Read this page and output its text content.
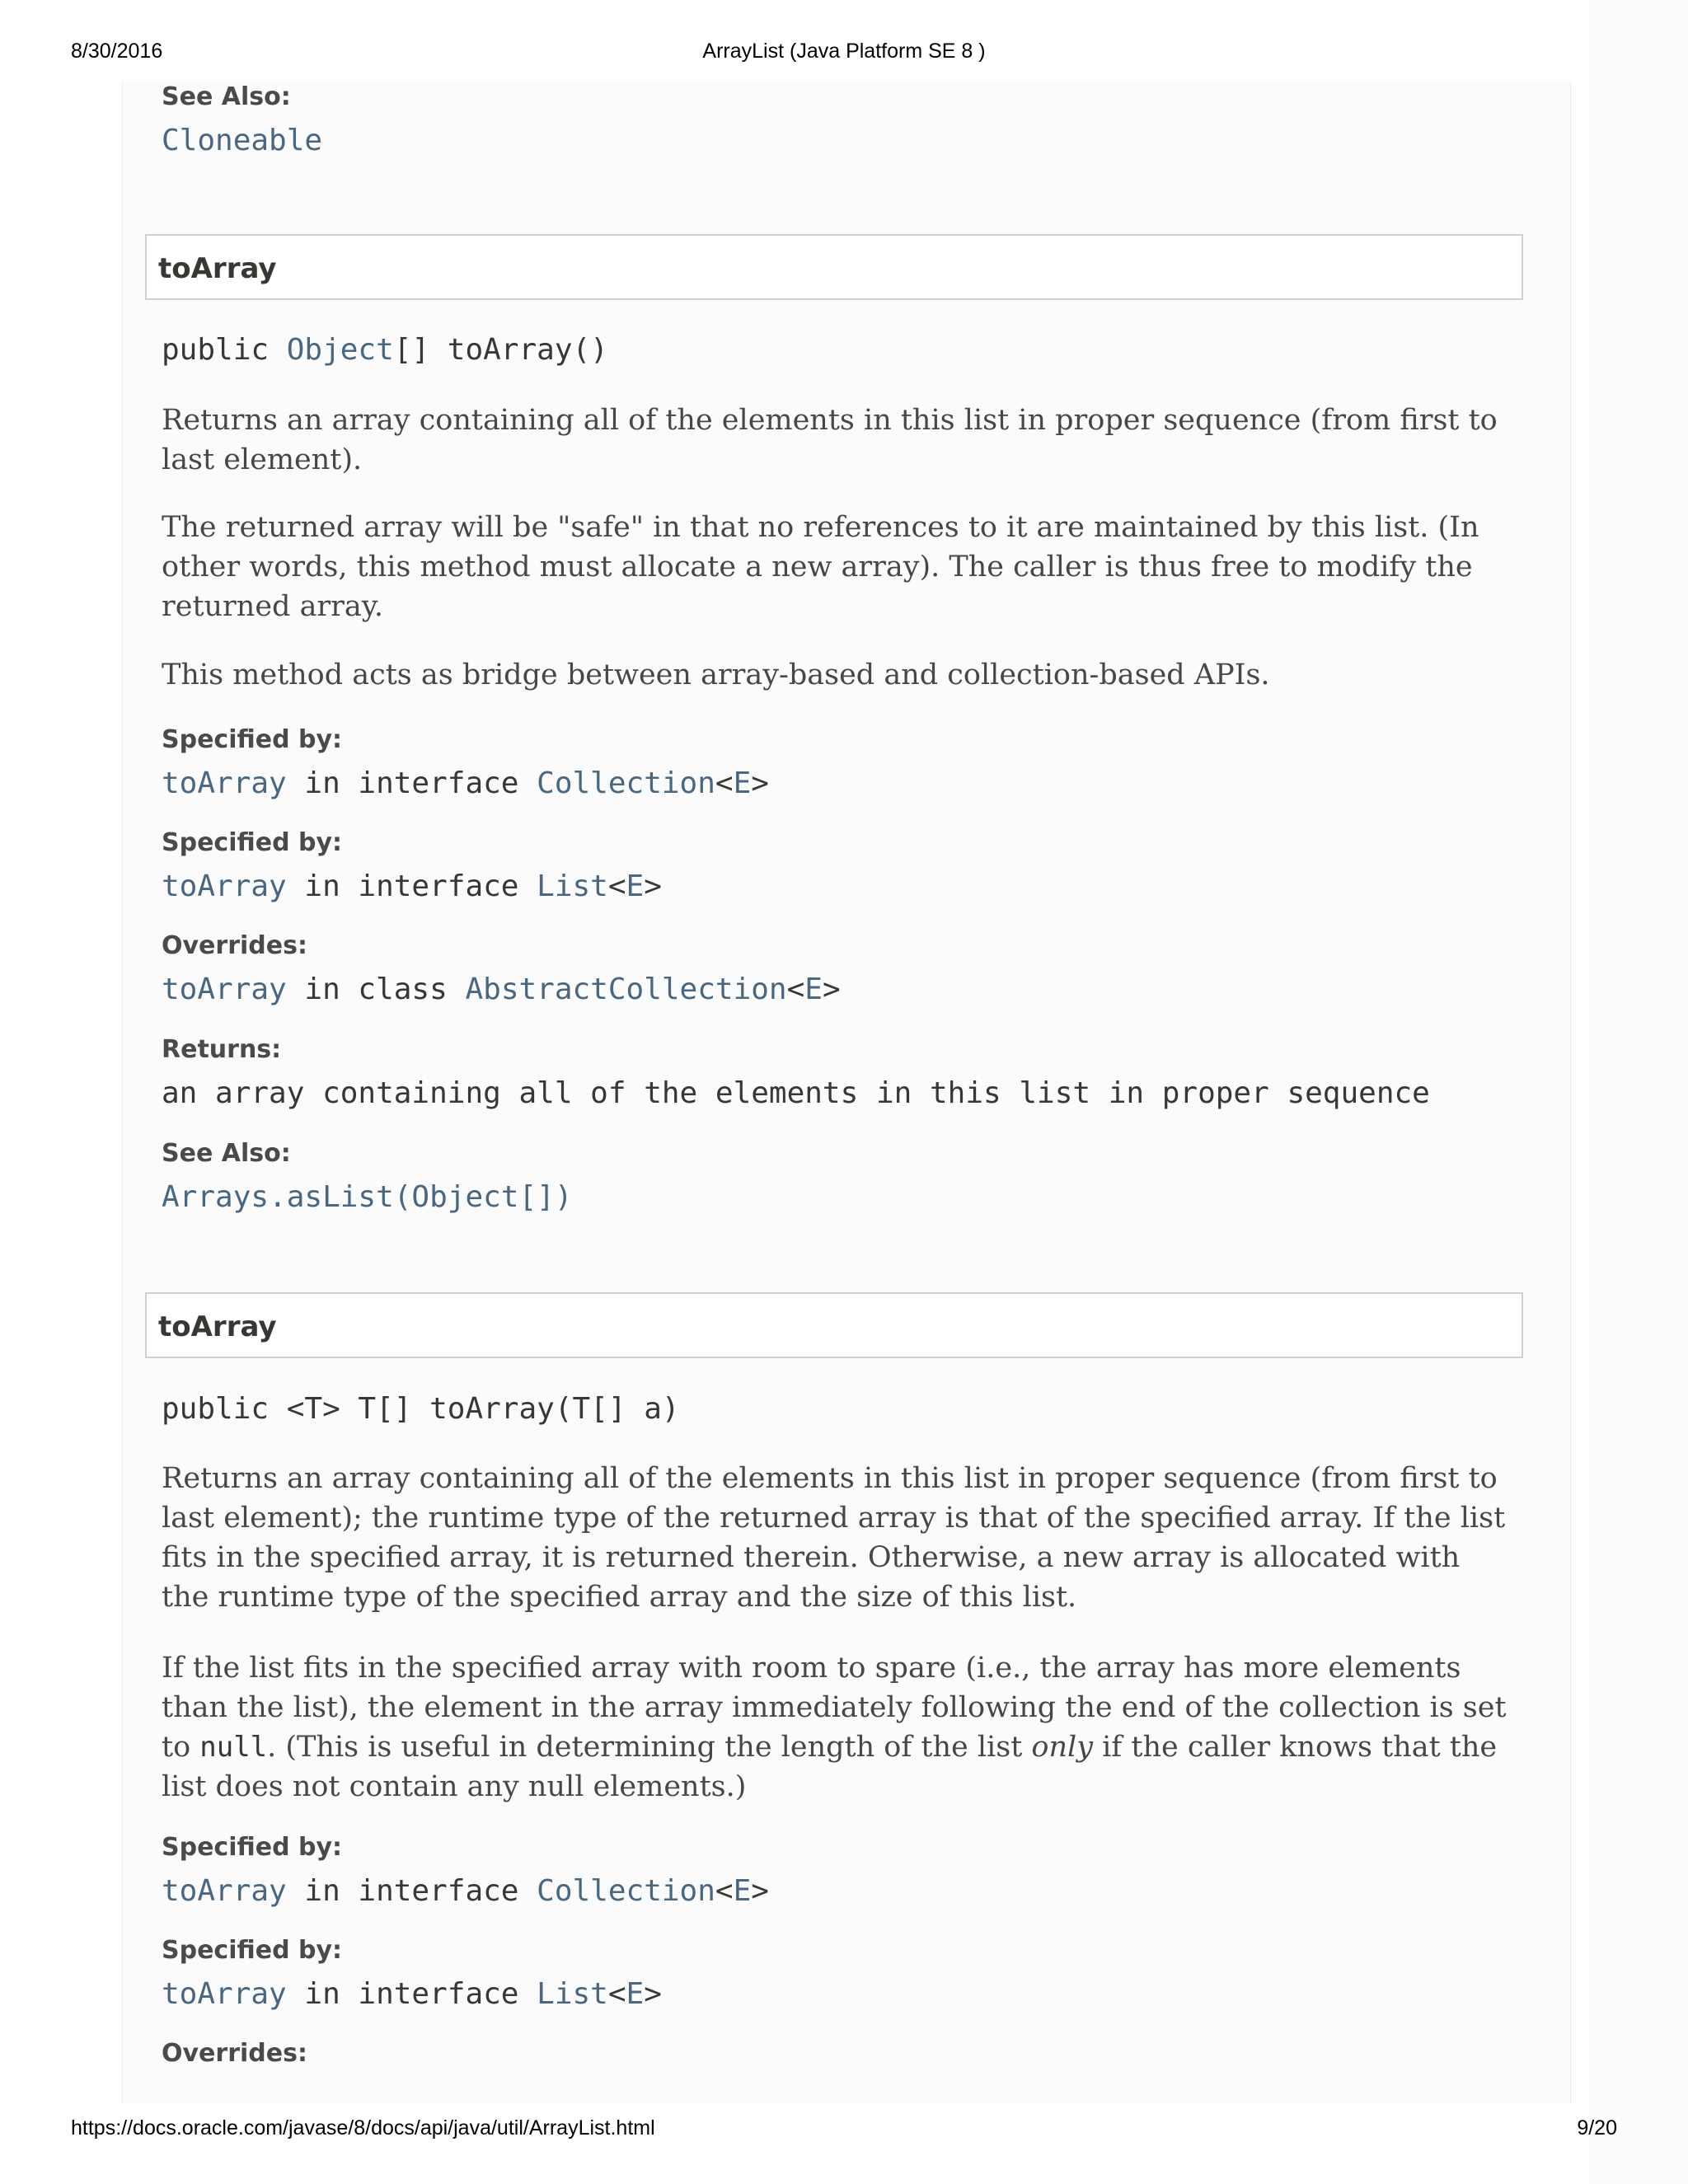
8/30/2016	ArrayList (Java Platform SE 8 )
See Also:
Cloneable
toArray
public Object[] toArray()
Returns an array containing all of the elements in this list in proper sequence (from first to last element).
The returned array will be "safe" in that no references to it are maintained by this list. (In other words, this method must allocate a new array). The caller is thus free to modify the returned array.
This method acts as bridge between array-based and collection-based APIs.
Specified by:
toArray in interface Collection<E>
Specified by:
toArray in interface List<E>
Overrides:
toArray in class AbstractCollection<E>
Returns:
an array containing all of the elements in this list in proper sequence
See Also:
Arrays.asList(Object[])
toArray
public <T> T[] toArray(T[] a)
Returns an array containing all of the elements in this list in proper sequence (from first to last element); the runtime type of the returned array is that of the specified array. If the list fits in the specified array, it is returned therein. Otherwise, a new array is allocated with the runtime type of the specified array and the size of this list.
If the list fits in the specified array with room to spare (i.e., the array has more elements than the list), the element in the array immediately following the end of the collection is set to null. (This is useful in determining the length of the list only if the caller knows that the list does not contain any null elements.)
Specified by:
toArray in interface Collection<E>
Specified by:
toArray in interface List<E>
Overrides:
https://docs.oracle.com/javase/8/docs/api/java/util/ArrayList.html	9/20
